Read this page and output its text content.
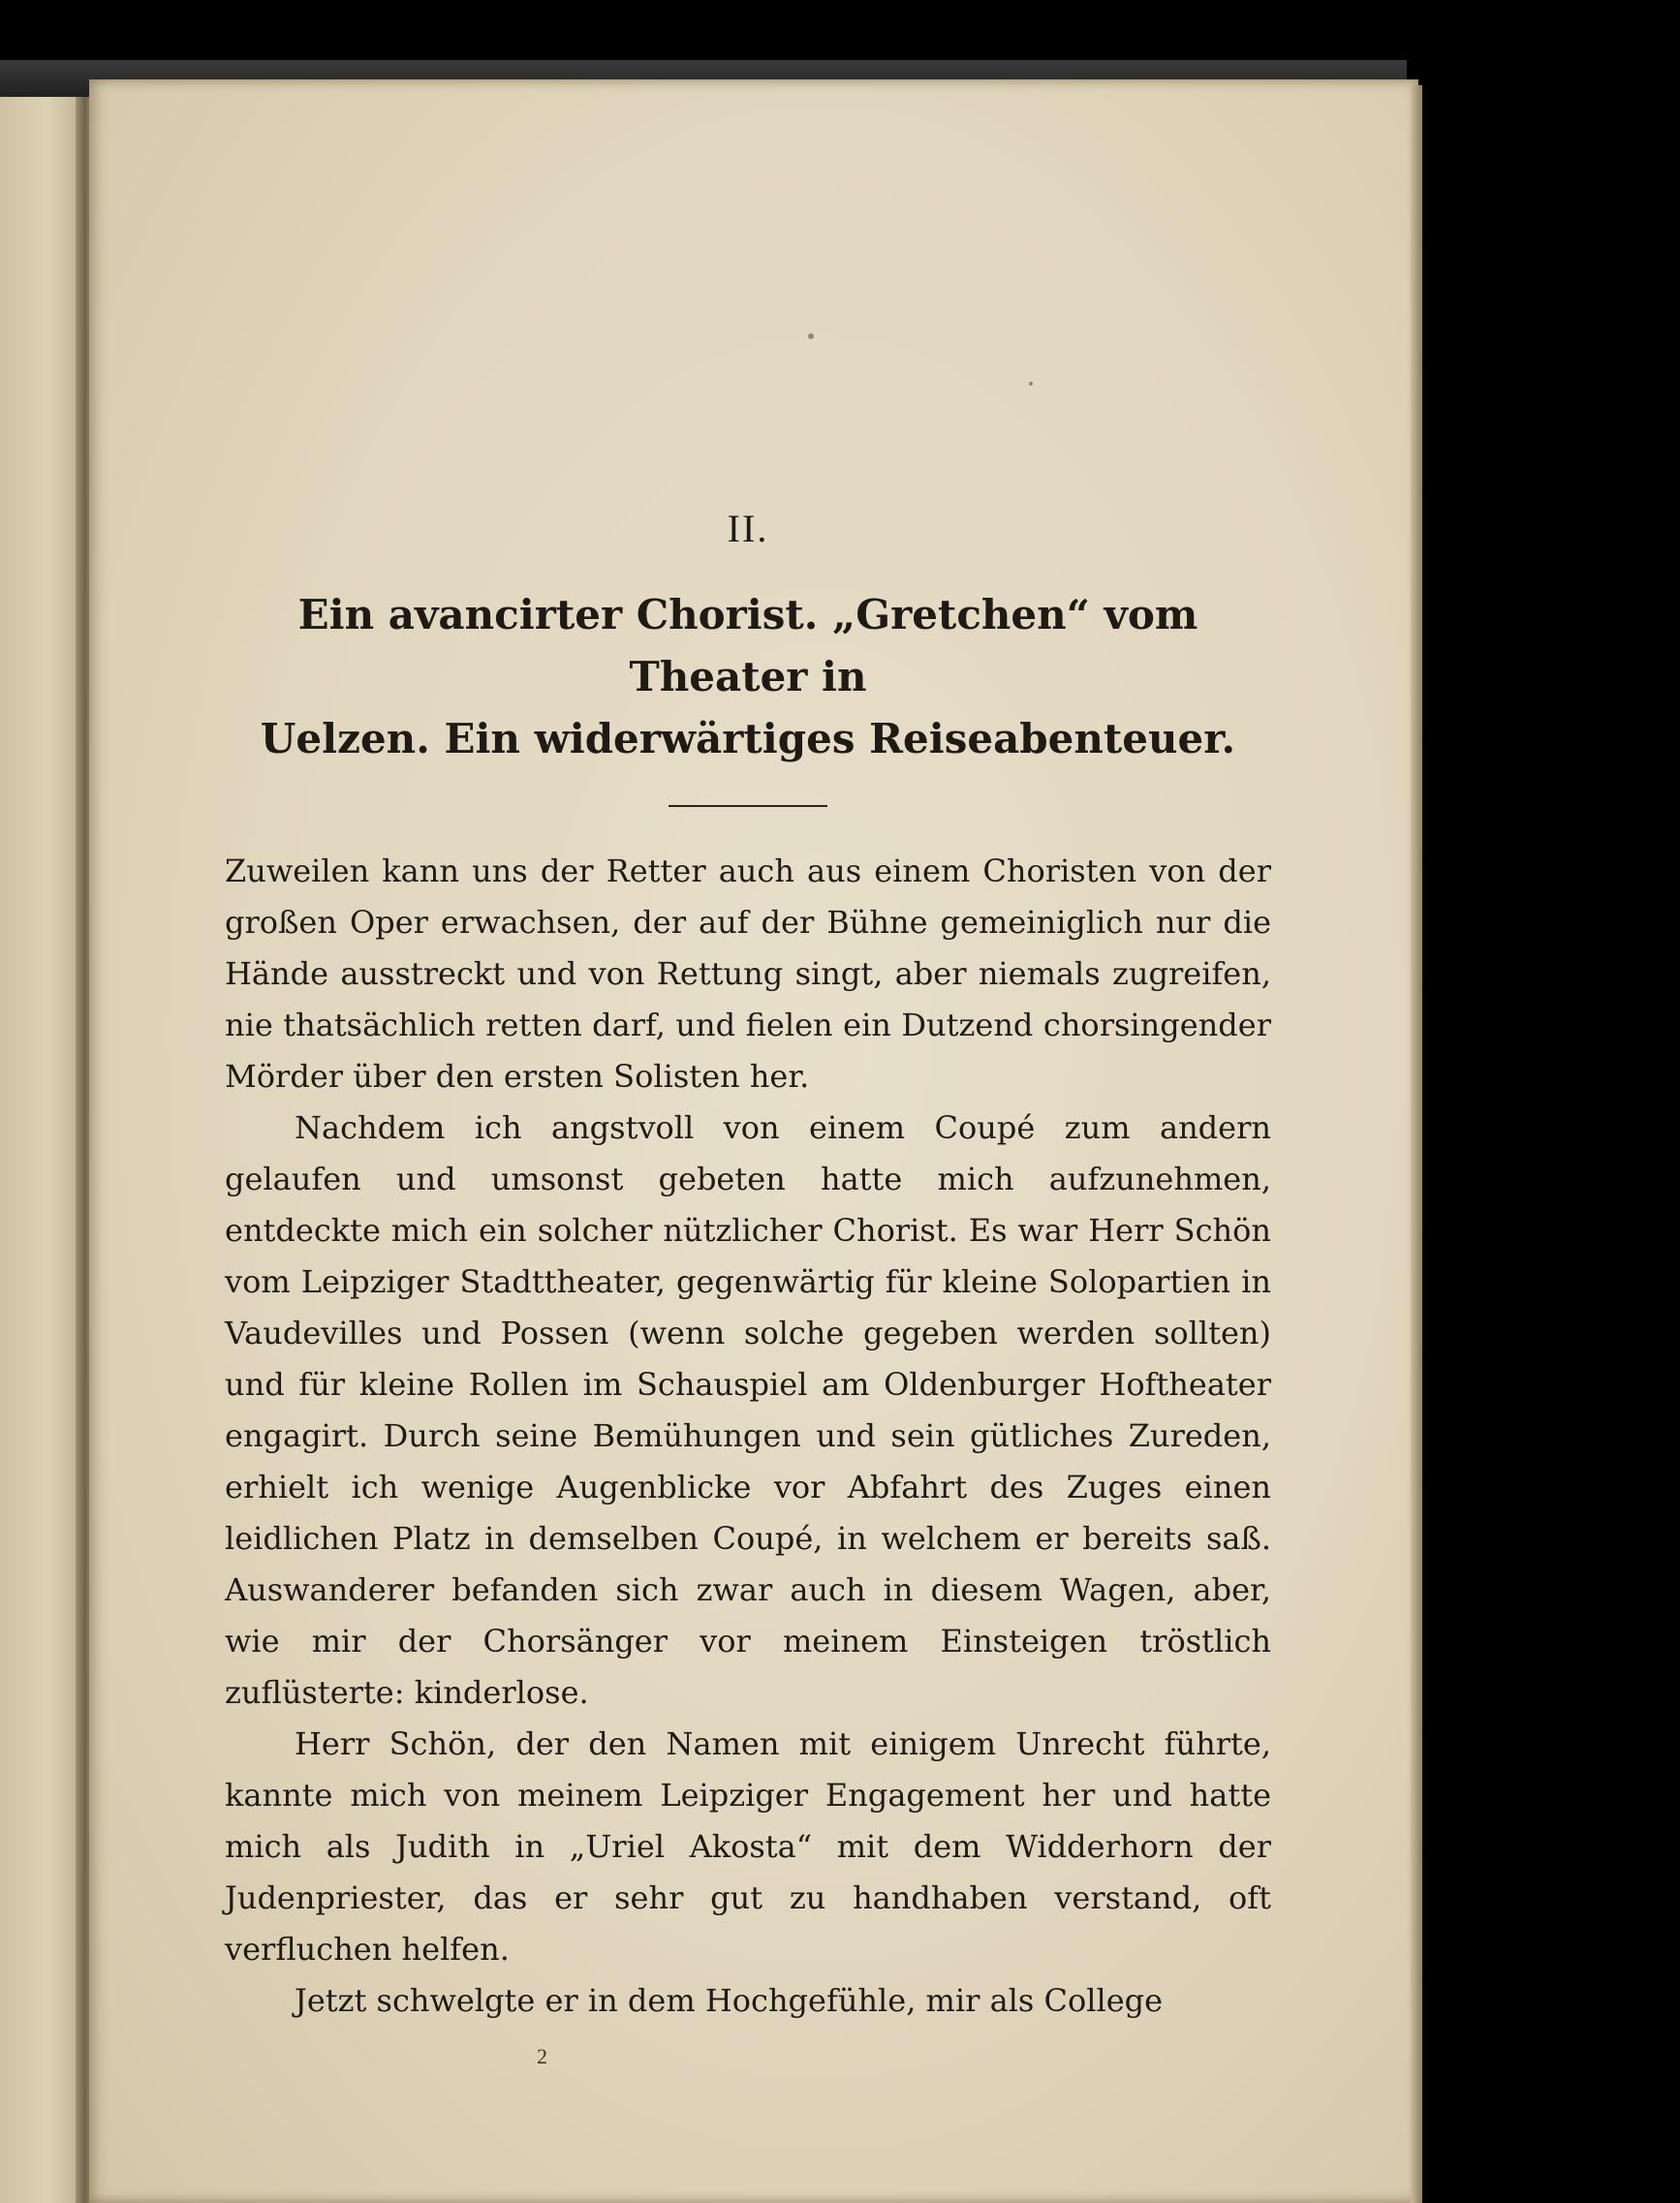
II.
Ein avancirter Chorist. „Gretchen“ vom Theater in
Uelzen. Ein widerwärtiges Reiseabenteuer.

Zuweilen kann uns der Retter auch aus einem Choristen von der großen Oper erwachsen, der auf der Bühne gemeiniglich nur die Hände ausstreckt und von Rettung singt, aber niemals zugreifen, nie thatsächlich retten darf, und fielen ein Dutzend chorsingender Mörder über den ersten Solisten her.

Nachdem ich angstvoll von einem Coupé zum andern gelaufen und umsonst gebeten hatte mich aufzunehmen, entdeckte mich ein solcher nützlicher Chorist. Es war Herr Schön vom Leipziger Stadttheater, gegenwärtig für kleine Solopartien in Vaudevilles und Possen (wenn solche gegeben werden sollten) und für kleine Rollen im Schauspiel am Oldenburger Hoftheater engagirt. Durch seine Bemühungen und sein gütliches Zureden, erhielt ich wenige Augenblicke vor Abfahrt des Zuges einen leidlichen Platz in demselben Coupé, in welchem er bereits saß. Auswanderer befanden sich zwar auch in diesem Wagen, aber, wie mir der Chorsänger vor meinem Einsteigen tröstlich zuflüsterte: kinderlose.

Herr Schön, der den Namen mit einigem Unrecht führte, kannte mich von meinem Leipziger Engagement her und hatte mich als Judith in „Uriel Akosta“ mit dem Widderhorn der Judenpriester, das er sehr gut zu handhaben verstand, oft verfluchen helfen.

Jetzt schwelgte er in dem Hochgefühle, mir als College

2
